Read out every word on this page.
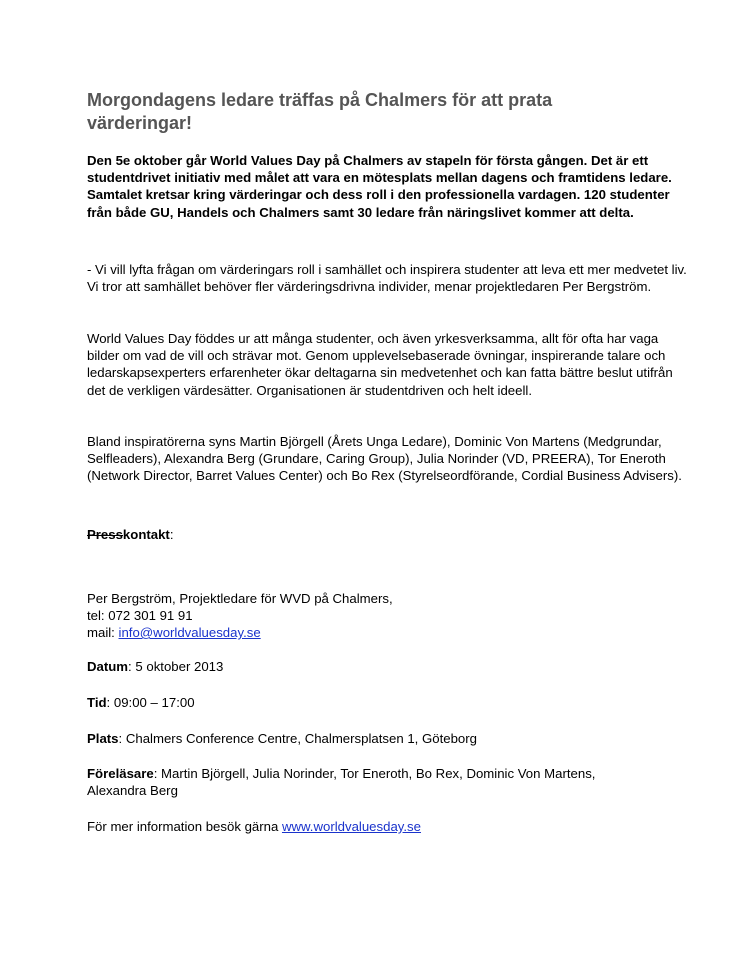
Morgondagens ledare träffas på Chalmers för att prata värderingar!

Den 5e oktober går World Values Day på Chalmers av stapeln för första gången. Det är ett studentdrivet initiativ med målet att vara en mötesplats mellan dagens och framtidens ledare. Samtalet kretsar kring värderingar och dess roll i den professionella vardagen. 120 studenter från både GU, Handels och Chalmers samt 30 ledare från näringslivet kommer att delta.

- Vi vill lyfta frågan om värderingars roll i samhället och inspirera studenter att leva ett mer medvetet liv. Vi tror att samhället behöver fler värderingsdrivna individer, menar projektledaren Per Bergström.

World Values Day föddes ur att många studenter, och även yrkesverksamma, allt för ofta har vaga bilder om vad de vill och strävar mot. Genom upplevelsebaserade övningar, inspirerande talare och ledarskapsexperters erfarenheter ökar deltagarna sin medvetenhet och kan fatta bättre beslut utifrån det de verkligen värdesätter. Organisationen är studentdriven och helt ideell.

Bland inspiratörerna syns Martin Björgell (Årets Unga Ledare), Dominic Von Martens (Medgrundar, Selfleaders), Alexandra Berg (Grundare, Caring Group), Julia Norinder (VD, PREERA), Tor Eneroth (Network Director, Barret Values Center) och Bo Rex (Styrelseordförande, Cordial Business Advisers).

Presskontakt:
Per Bergström, Projektledare för WVD på Chalmers,
tel: 072 301 91 91
mail: info@worldvaluesday.se
Datum: 5 oktober 2013
Tid: 09:00 – 17:00
Plats: Chalmers Conference Centre, Chalmersplatsen 1, Göteborg
Föreläsare: Martin Björgell, Julia Norinder, Tor Eneroth, Bo Rex, Dominic Von Martens,
Alexandra Berg
För mer information besök gärna www.worldvaluesday.se
